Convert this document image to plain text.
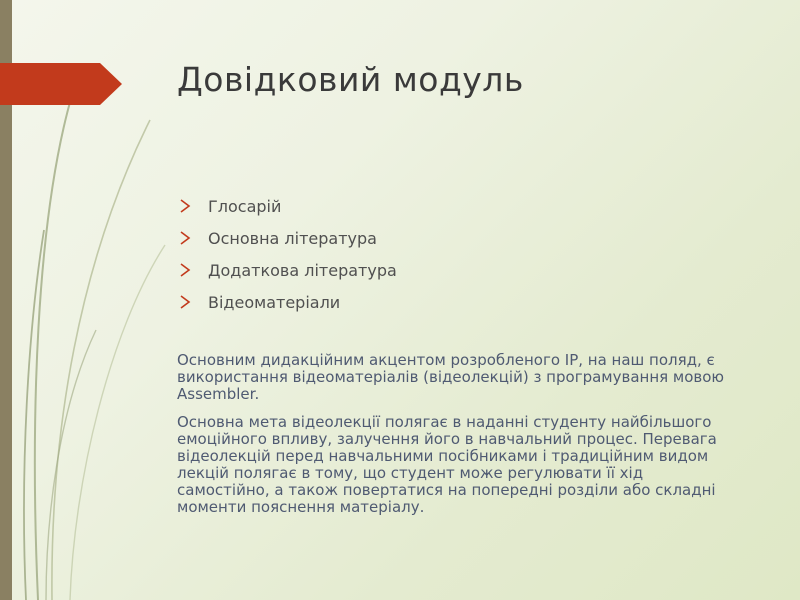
Довідковий модуль
Глосарій
Основна література
Додаткова література
Відеоматеріали

Основним дидакційним акцентом розробленого ІР, на наш поляд, є використання відеоматеріалів (відеолекцій) з програмування мовою Assembler.

Основна мета відеолекції полягає в наданні студенту найбільшого емоційного впливу, залучення його в навчальний процес. Перевага відеолекцій перед навчальними посібниками і традиційним видом лекцій полягає в тому, що студент може регулювати її хід самостійно, а також повертатися на попередні розділи або складні моменти пояснення матеріалу.
